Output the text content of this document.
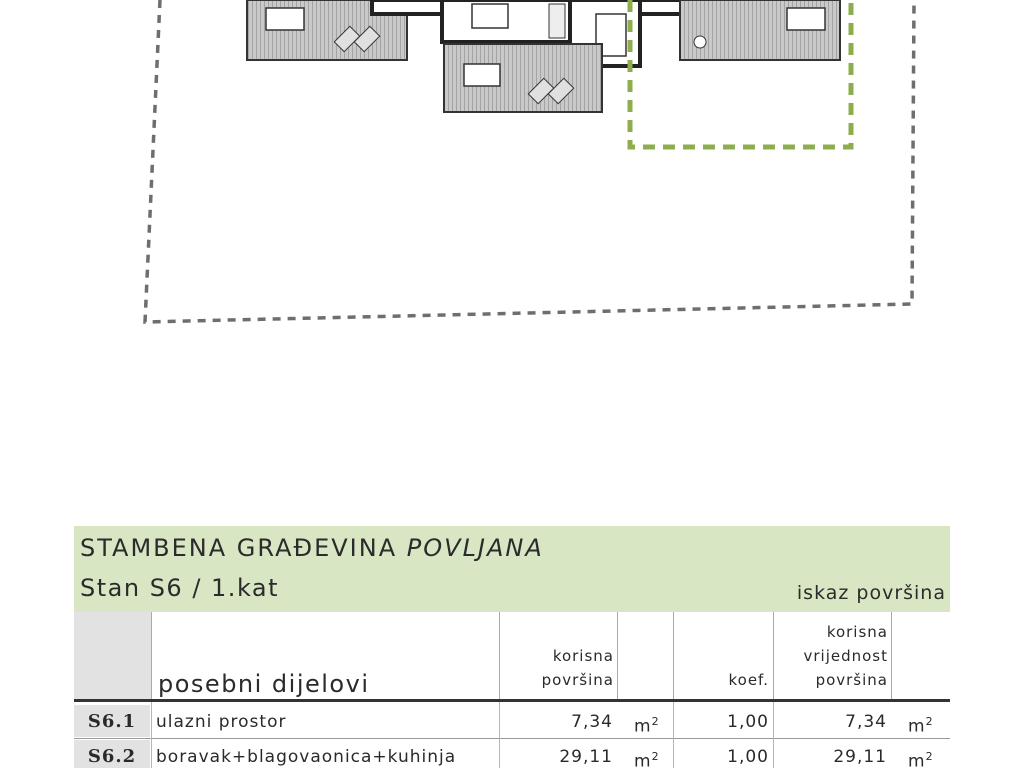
STAMBENA GRAĐEVINA POVLJANA
Stan S6 / 1.kat	iskaz površina
posebni dijelovi
korisna
površina	koef.
korisna
vrijednost
površina
S6.1	ulazni prostor	7,34 $m^2$	1,00	7,34 $m^2$
S6.2	boravak+blagovaonica+kuhinja	29,11 $m^2$	1,00	29,11 $m^2$
